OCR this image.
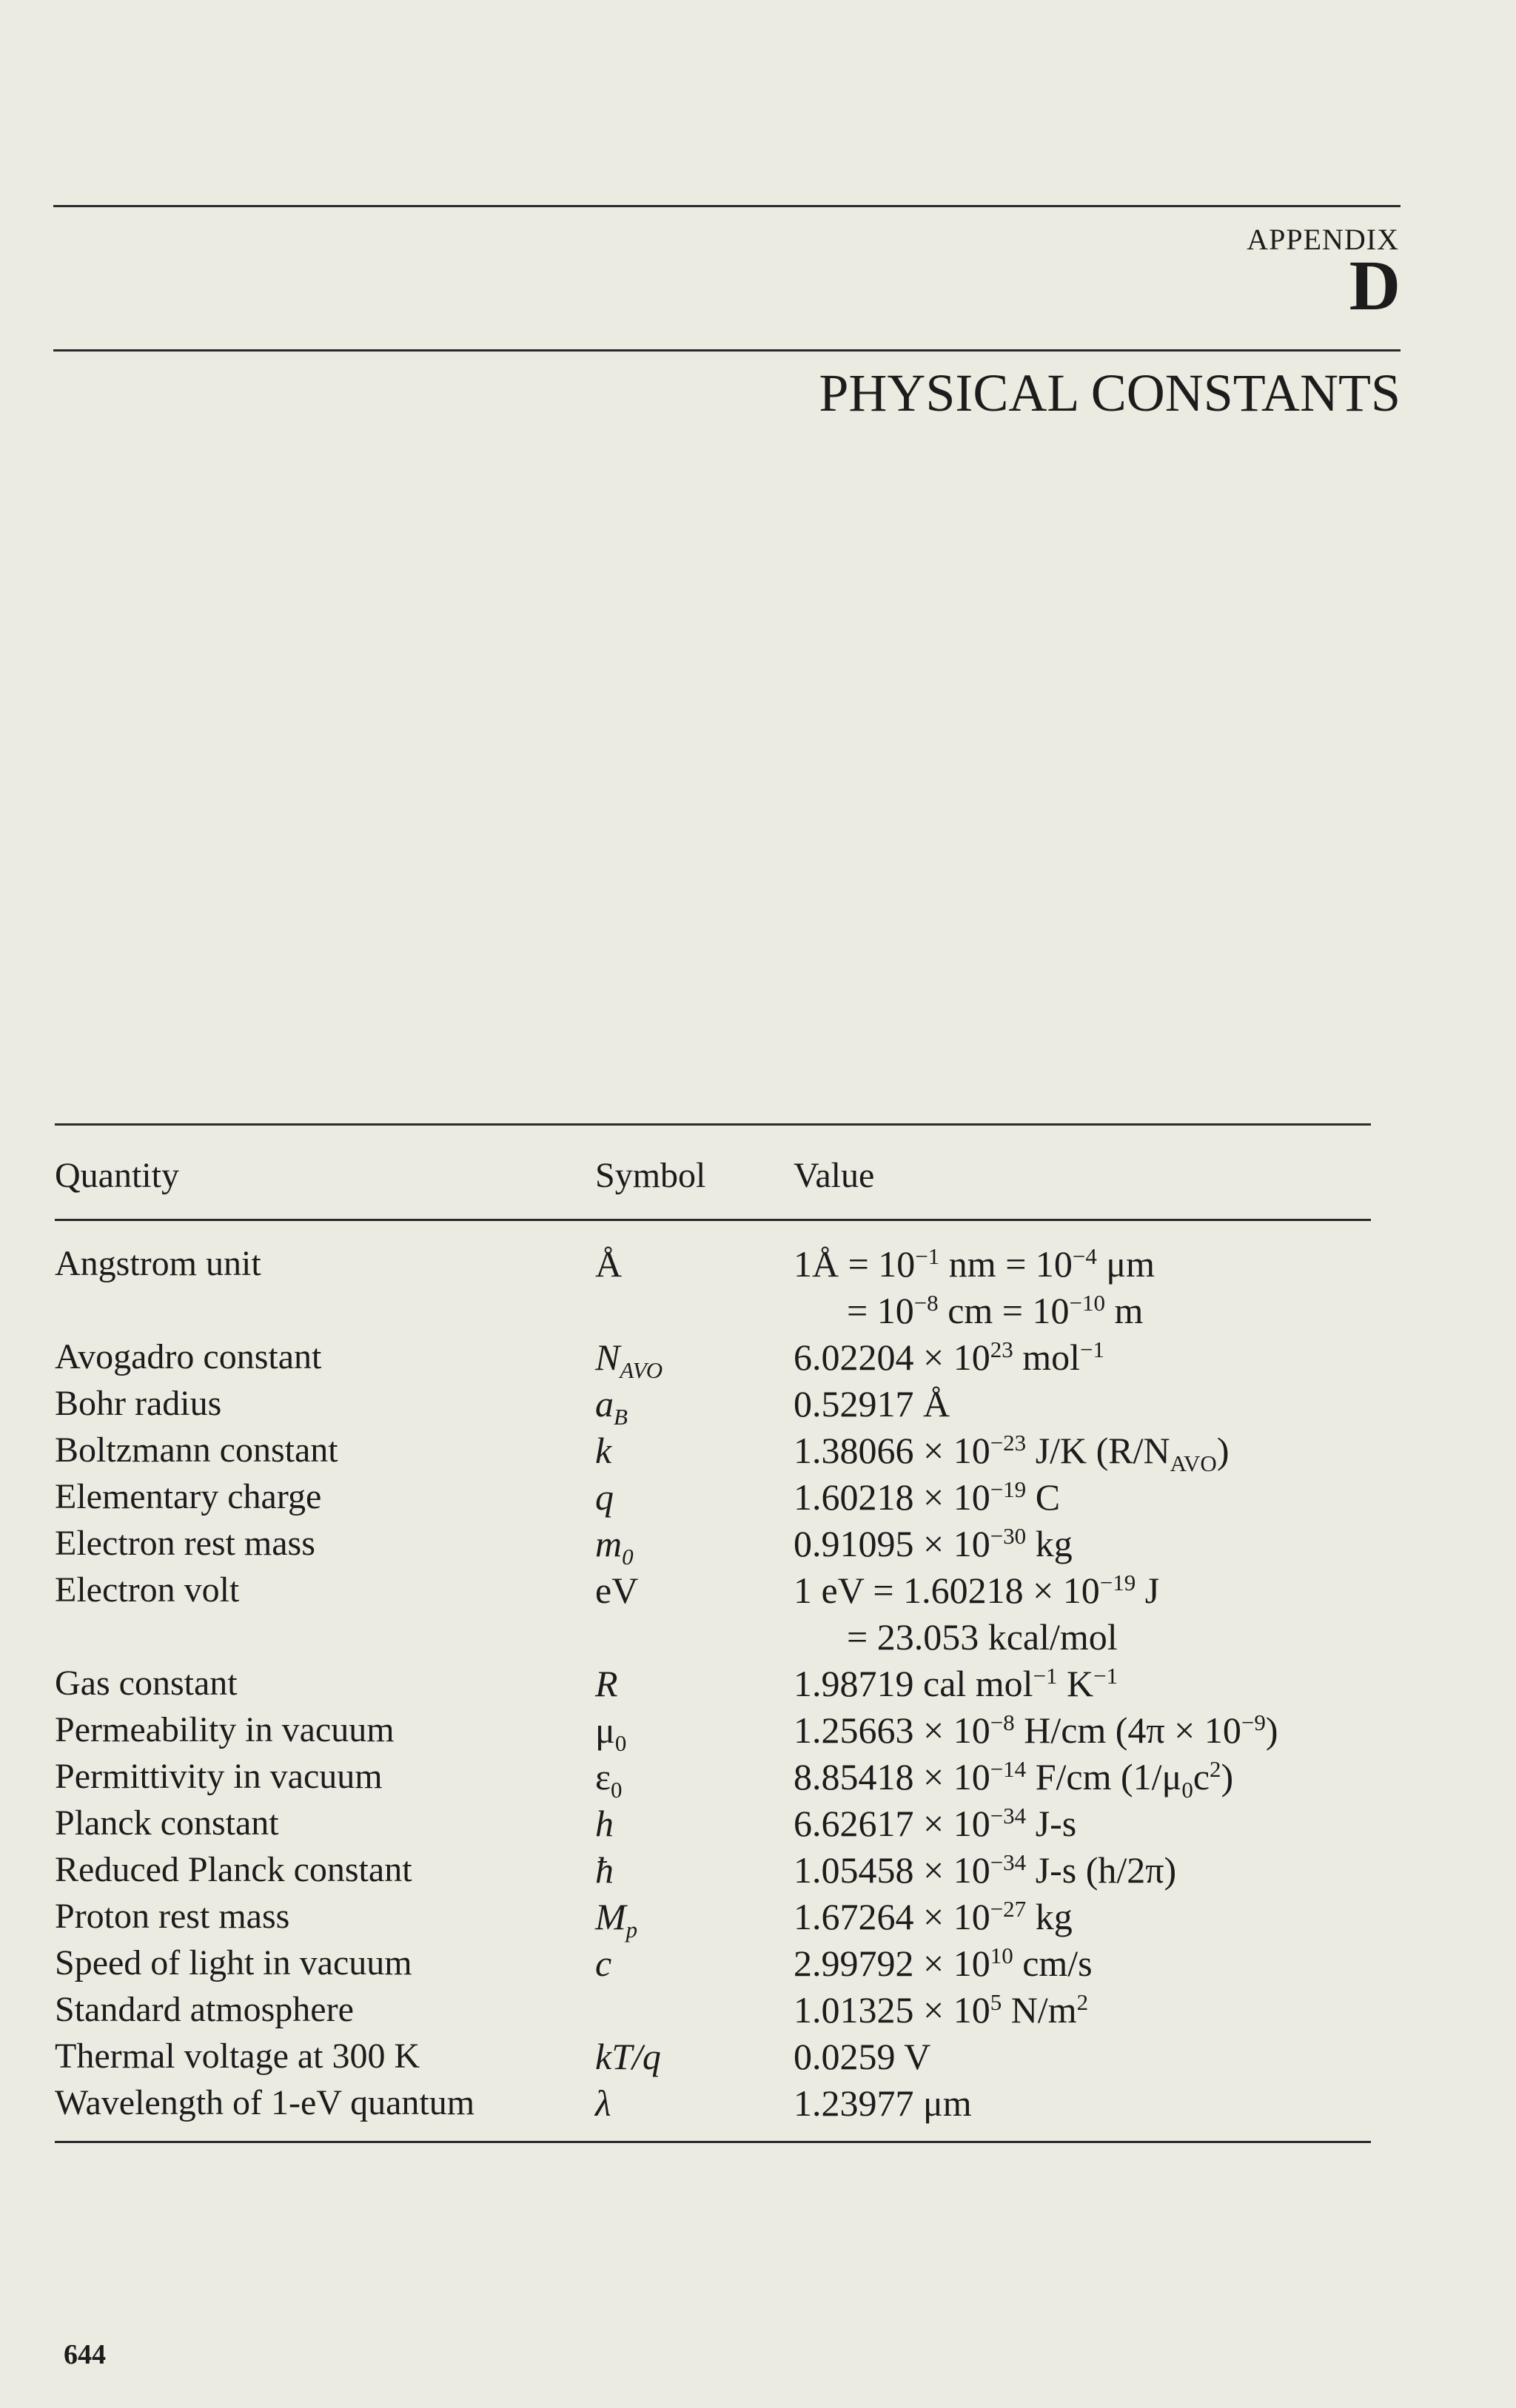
APPENDIX
D
PHYSICAL CONSTANTS
Quantity	Symbol	Value
Angstrom unit	Å	1Å = $10^{-1}$ nm = $10^{-4}$ μm
		= $10^{-8}$ cm = $10^{-10}$ m
Avogadro constant	$N_{AVO}$	$6.02204 \times 10^{23}$ mol$^{-1}$
Bohr radius	$a_B$	0.52917 Å
Boltzmann constant	k	$1.38066 \times 10^{-23}$ J/K $(R/N_{AVO})$
Elementary charge	q	$1.60218 \times 10^{-19}$ C
Electron rest mass	$m_0$	$0.91095 \times 10^{-30}$ kg
Electron volt	eV	1 eV = $1.60218 \times 10^{-19}$ J
		= 23.053 kcal/mol
Gas constant	R	1.98719 cal mol$^{-1}$ $K^{-1}$
Permeability in vacuum	$\mu_0$	$1.25663 \times 10^{-8}$ H/cm $(4\pi \times 10^{-9})$
Permittivity in vacuum	$\varepsilon_0$	$8.85418 \times 10^{-14}$ F/cm $(1/\mu_0c^2)$
Planck constant	h	$6.62617 \times 10^{-34}$ J-s
Reduced Planck constant	ħ	$1.05458 \times 10^{-34}$ J-s (h/2π)
Proton rest mass	$M_p$	$1.67264 \times 10^{-27}$ kg
Speed of light in vacuum	c	$2.99792 \times 10^{10}$ cm/s
Standard atmosphere		$1.01325 \times 10^5$ $N/m^2$
Thermal voltage at 300 K	kT/q	0.0259 V
Wavelength of 1-eV quantum	λ	1.23977 μm
644
